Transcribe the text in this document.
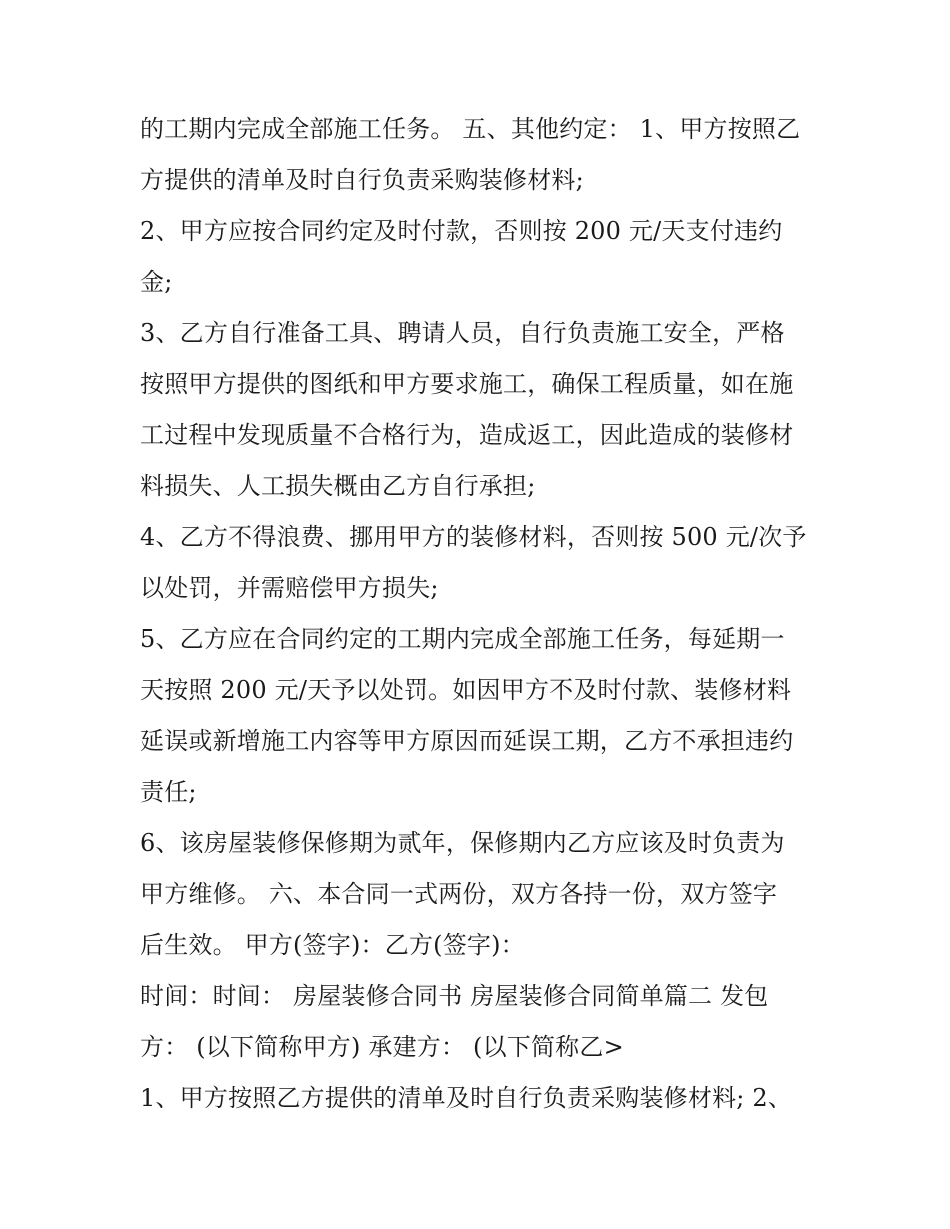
的工期内完成全部施工任务。 五、其他约定： 1、甲方按照乙
方提供的清单及时自行负责采购装修材料;
2、甲方应按合同约定及时付款，否则按 200 元/天支付违约
金;
3、乙方自行准备工具、聘请人员，自行负责施工安全，严格
按照甲方提供的图纸和甲方要求施工，确保工程质量，如在施
工过程中发现质量不合格行为，造成返工，因此造成的装修材
料损失、人工损失概由乙方自行承担;
4、乙方不得浪费、挪用甲方的装修材料，否则按 500 元/次予
以处罚，并需赔偿甲方损失;
5、乙方应在合同约定的工期内完成全部施工任务，每延期一
天按照 200 元/天予以处罚。如因甲方不及时付款、装修材料
延误或新增施工内容等甲方原因而延误工期，乙方不承担违约
责任;
6、该房屋装修保修期为贰年，保修期内乙方应该及时负责为
甲方维修。 六、本合同一式两份，双方各持一份，双方签字
后生效。 甲方(签字)：乙方(签字)：
时间：时间： 房屋装修合同书 房屋装修合同简单篇二 发包
方： (以下简称甲方) 承建方： (以下简称乙>
1、甲方按照乙方提供的清单及时自行负责采购装修材料; 2、
